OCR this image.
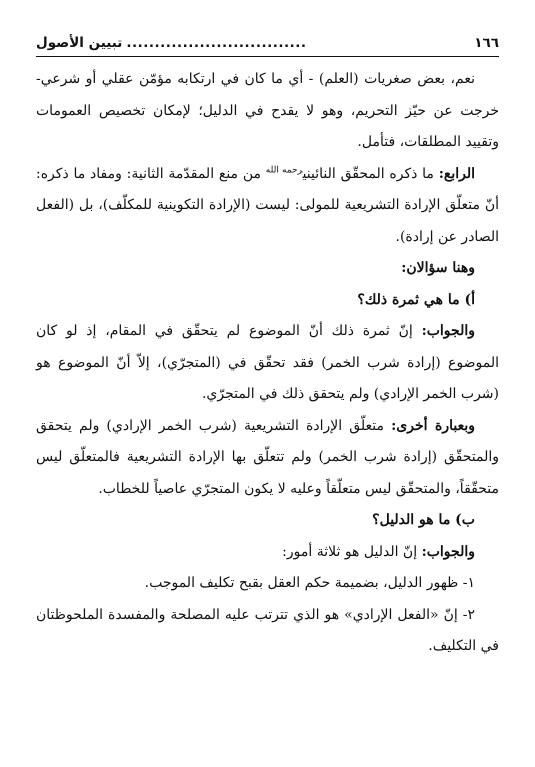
١٦٦
................................
تبيين الأصول

نعم، بعض صغريات (العلم) - أي ما كان في ارتكابه مؤمّن عقلي أو شرعي- خرجت عن حيّز التحريم، وهو لا يقدح في الدليل؛ لإمكان تخصيص العمومات وتقييد المطلقات، فتأمل.

الرابع: ما ذكره المحقّق النائيني$^{رحمه الله}$ من منع المقدّمة الثانية: ومفاد ما ذكره: أنّ متعلّق الإرادة التشريعية للمولى: ليست (الإرادة التكوينية للمكلّف)، بل (الفعل الصادر عن إرادة).

وهنا سؤالان:

أ) ما هي ثمرة ذلك؟

والجواب: إنّ ثمرة ذلك أنّ الموضوع لم يتحقّق في المقام، إذ لو كان الموضوع (إرادة شرب الخمر) فقد تحقّق في (المتجرّي)، إلاّ أنّ الموضوع هو (شرب الخمر الإرادي) ولم يتحقق ذلك في المتجرّي.

وبعبارة أخرى: متعلّق الإرادة التشريعية (شرب الخمر الإرادي) ولم يتحقق والمتحقّق (إرادة شرب الخمر) ولم تتعلّق بها الإرادة التشريعية فالمتعلّق ليس متحقّقاً، والمتحقّق ليس متعلّقاً وعليه لا يكون المتجرّي عاصياً للخطاب.

ب) ما هو الدليل؟

والجواب: إنّ الدليل هو ثلاثة أمور:

١- ظهور الدليل، بضميمة حكم العقل بقبح تكليف الموجب.

٢- إنّ «الفعل الإرادي» هو الذي تترتب عليه المصلحة والمفسدة الملحوظتان في التكليف.
